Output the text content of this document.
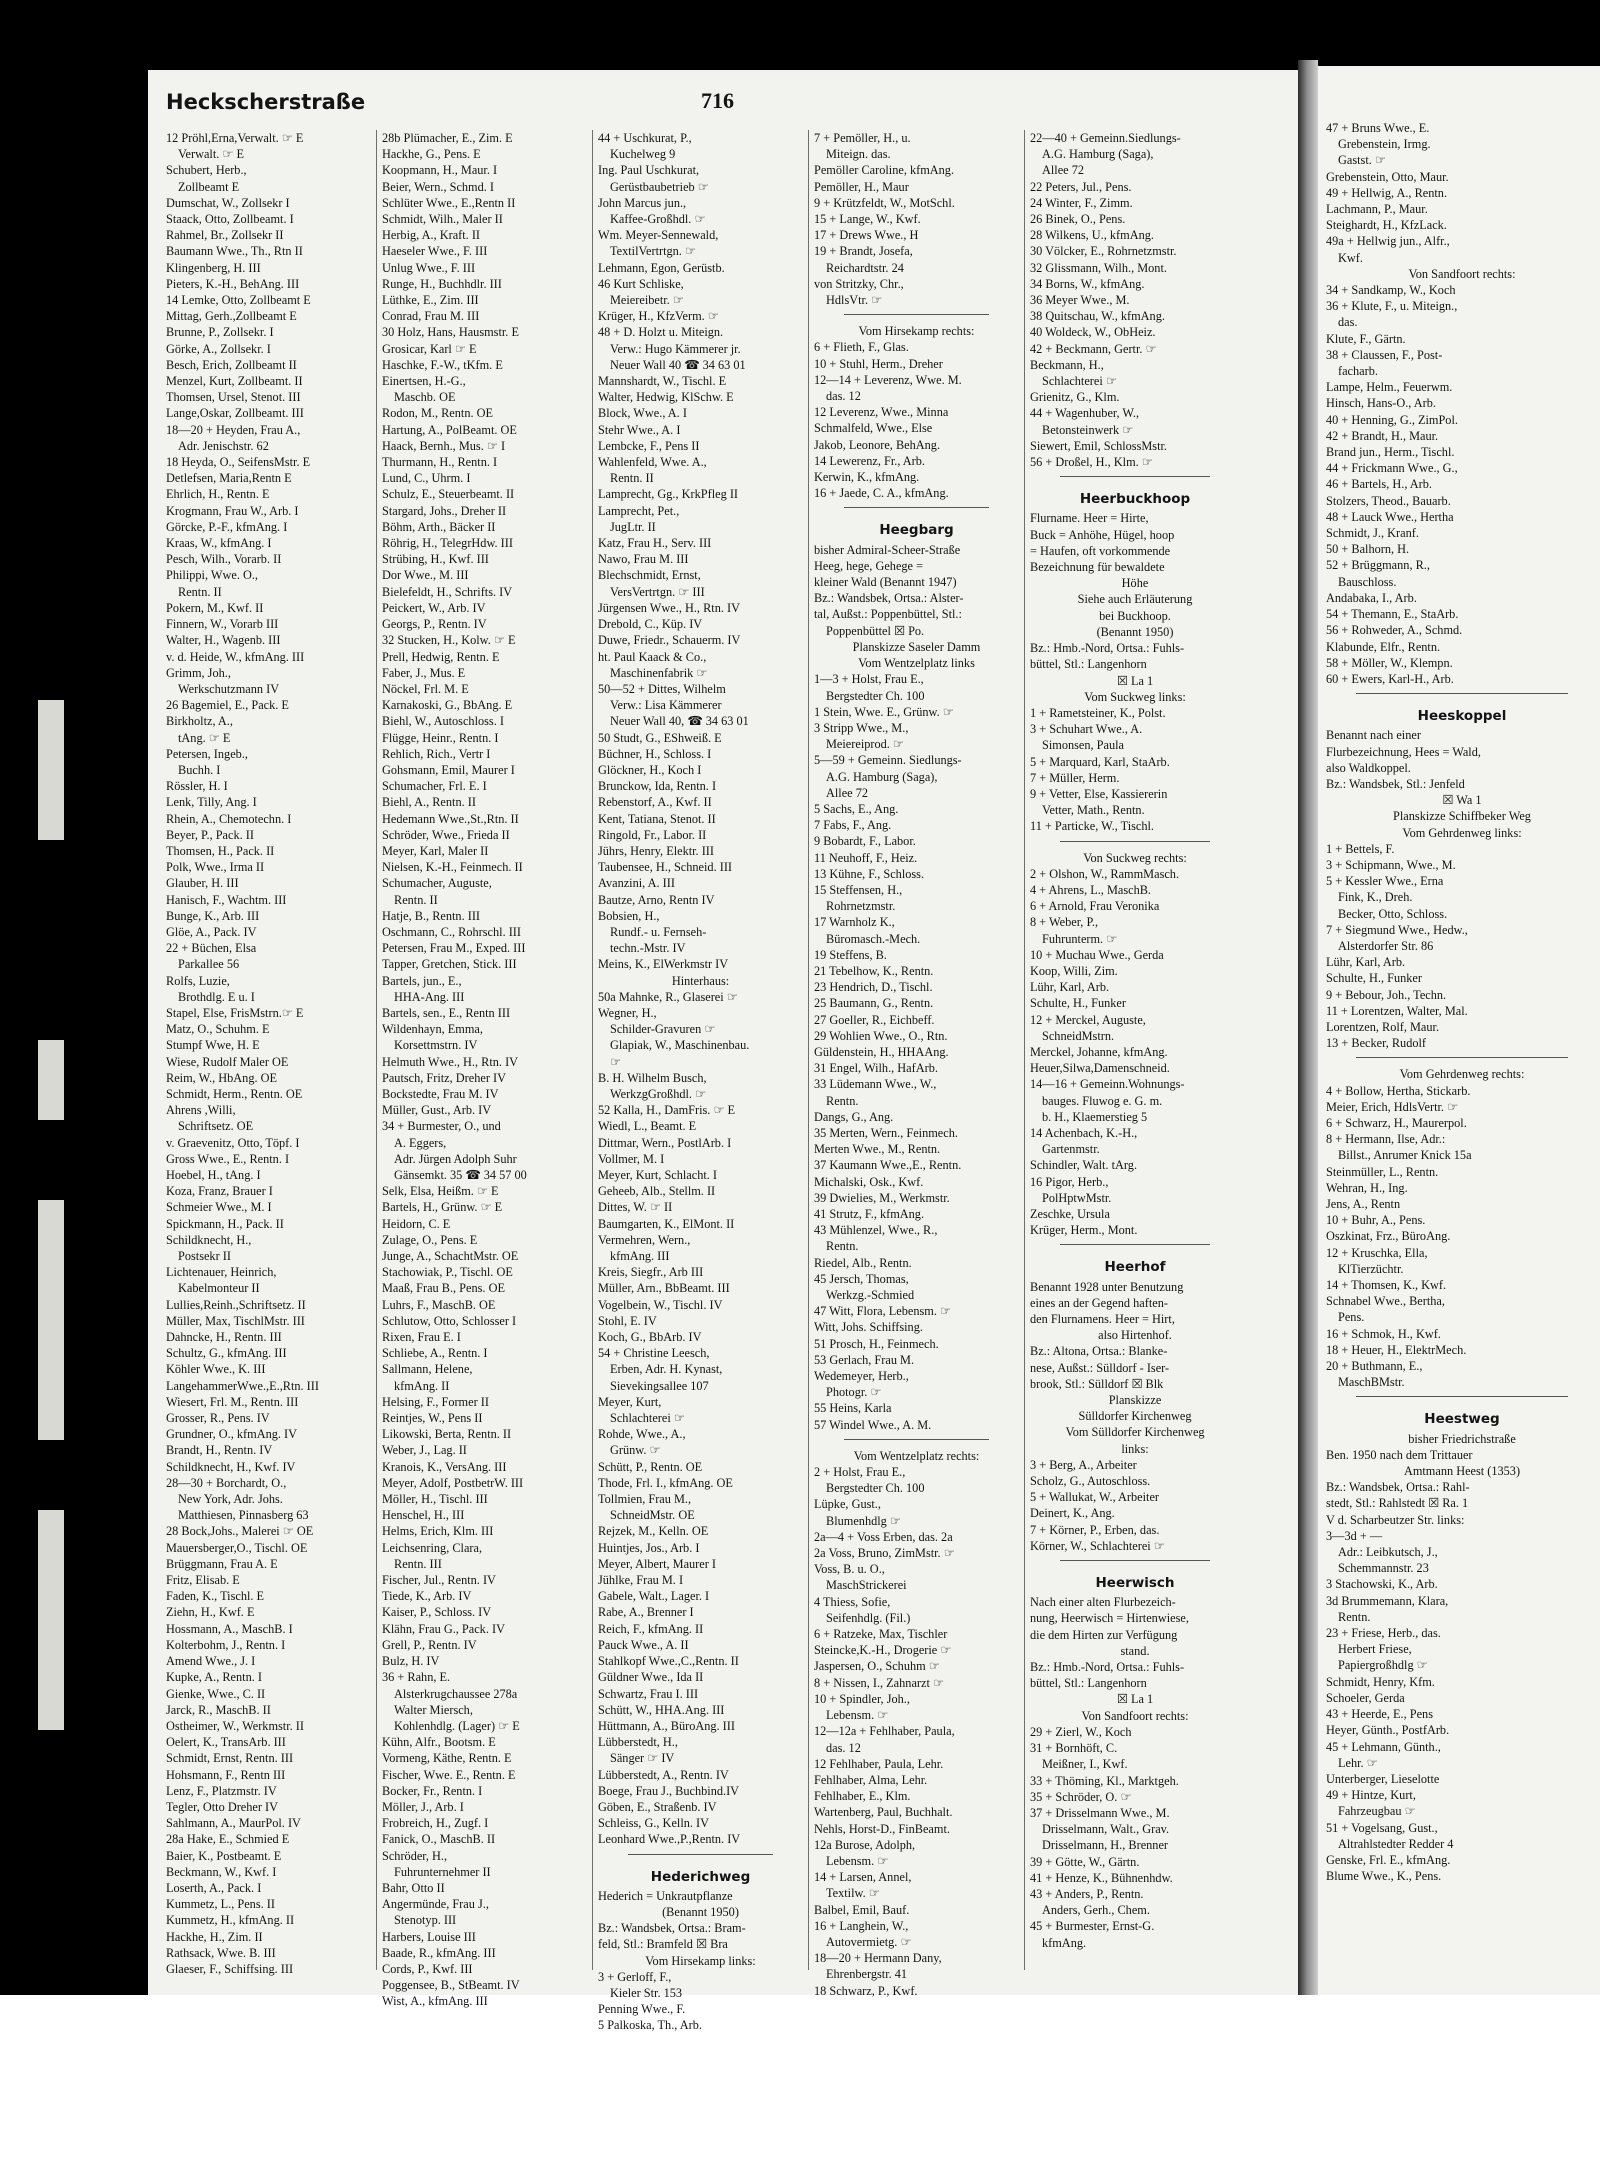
Heckscherstraße	716
12 Pröhl,Erna,Verwalt. ☞ E
Verwalt. ☞ E
Schubert, Herb.,
Zollbeamt E
Dumschat, W., Zollsekr I
Staack, Otto, Zollbeamt. I
Rahmel, Br., Zollsekr II
Baumann Wwe., Th., Rtn II
Klingenberg, H. III
Pieters, K.-H., BehAng. III
14 Lemke, Otto, Zollbeamt E
Mittag, Gerh.,Zollbeamt E
Brunne, P., Zollsekr. I
Görke, A., Zollsekr. I
Besch, Erich, Zollbeamt II
Menzel, Kurt, Zollbeamt. II
Thomsen, Ursel, Stenot. III
Lange,Oskar, Zollbeamt. III
18—20 + Heyden, Frau A.,
Adr. Jenischstr. 62
18 Heyda, O., SeifensMstr. E
Detlefsen, Maria,Rentn E
Ehrlich, H., Rentn. E
Krogmann, Frau W., Arb. I
Görcke, P.-F., kfmAng. I
Kraas, W., kfmAng. I
Pesch, Wilh., Vorarb. II
Philippi, Wwe. O.,
Rentn. II
Pokern, M., Kwf. II
Finnern, W., Vorarb III
Walter, H., Wagenb. III
v. d. Heide, W., kfmAng. III
Grimm, Joh.,
Werkschutzmann IV
26 Bagemiel, E., Pack. E
Birkholtz, A.,
tAng. ☞ E
Petersen, Ingeb.,
Buchh. I
Rössler, H. I
Lenk, Tilly, Ang. I
Rhein, A., Chemotechn. I
Beyer, P., Pack. II
Thomsen, H., Pack. II
Polk, Wwe., Irma II
Glauber, H. III
Hanisch, F., Wachtm. III
Bunge, K., Arb. III
Glöe, A., Pack. IV
22 + Büchen, Elsa
Parkallee 56
Rolfs, Luzie,
Brothdlg. E u. I
Stapel, Else, FrisMstrn.☞ E
Matz, O., Schuhm. E
Stumpf Wwe, H. E
Wiese, Rudolf Maler OE
Reim, W., HbAng. OE
Schmidt, Herm., Rentn. OE
Ahrens ,Willi,
Schriftsetz. OE
v. Graevenitz, Otto, Töpf. I
Gross Wwe., E., Rentn. I
Hoebel, H., tAng. I
Koza, Franz, Brauer I
Schmeier Wwe., M. I
Spickmann, H., Pack. II
Schildknecht, H.,
Postsekr II
Lichtenauer, Heinrich,
Kabelmonteur II
Lullies,Reinh.,Schriftsetz. II
Müller, Max, TischlMstr. III
Dahncke, H., Rentn. III
Schultz, G., kfmAng. III
Köhler Wwe., K. III
LangehammerWwe.,E.,Rtn. III
Wiesert, Frl. M., Rentn. III
Grosser, R., Pens. IV
Grundner, O., kfmAng. IV
Brandt, H., Rentn. IV
Schildknecht, H., Kwf. IV
28—30 + Borchardt, O.,
New York, Adr. Johs.
Matthiesen, Pinnasberg 63
28 Bock,Johs., Malerei ☞ OE
Mauersberger,O., Tischl. OE
Brüggmann, Frau A. E
Fritz, Elisab. E
Faden, K., Tischl. E
Ziehn, H., Kwf. E
Hossmann, A., MaschB. I
Kolterbohm, J., Rentn. I
Amend Wwe., J. I
Kupke, A., Rentn. I
Gienke, Wwe., C. II
Jarck, R., MaschB. II
Ostheimer, W., Werkmstr. II
Oelert, K., TransArb. III
Schmidt, Ernst, Rentn. III
Hohsmann, F., Rentn III
Lenz, F., Platzmstr. IV
Tegler, Otto Dreher IV
Sahlmann, A., MaurPol. IV
28a Hake, E., Schmied E
Baier, K., Postbeamt. E
Beckmann, W., Kwf. I
Loserth, A., Pack. I
Kummetz, L., Pens. II
Kummetz, H., kfmAng. II
Hackhe, H., Zim. II
Rathsack, Wwe. B. III
Glaeser, F., Schiffsing. III
28b Plümacher, E., Zim. E
Hackhe, G., Pens. E
Koopmann, H., Maur. I
Beier, Wern., Schmd. I
Schlüter Wwe., E.,Rentn II
Schmidt, Wilh., Maler II
Herbig, A., Kraft. II
Haeseler Wwe., F. III
Unlug Wwe., F. III
Runge, H., Buchhdlr. III
Lüthke, E., Zim. III
Conrad, Frau M. III
30 Holz, Hans, Hausmstr. E
Grosicar, Karl ☞ E
Haschke, F.-W., tKfm. E
Einertsen, H.-G.,
Maschb. OE
Rodon, M., Rentn. OE
Hartung, A., PolBeamt. OE
Haack, Bernh., Mus. ☞ I
Thurmann, H., Rentn. I
Lund, C., Uhrm. I
Schulz, E., Steuerbeamt. II
Stargard, Johs., Dreher II
Böhm, Arth., Bäcker II
Röhrig, H., TelegrHdw. III
Strübing, H., Kwf. III
Dor Wwe., M. III
Bielefeldt, H., Schrifts. IV
Peickert, W., Arb. IV
Georgs, P., Rentn. IV
32 Stucken, H., Kolw. ☞ E
Prell, Hedwig, Rentn. E
Faber, J., Mus. E
Nöckel, Frl. M. E
Karnakoski, G., BbAng. E
Biehl, W., Autoschloss. I
Flügge, Heinr., Rentn. I
Rehlich, Rich., Vertr I
Gohsmann, Emil, Maurer I
Schumacher, Frl. E. I
Biehl, A., Rentn. II
Hedemann Wwe.,St.,Rtn. II
Schröder, Wwe., Frieda II
Meyer, Karl, Maler II
Nielsen, K.-H., Feinmech. II
Schumacher, Auguste,
Rentn. II
Hatje, B., Rentn. III
Oschmann, C., Rohrschl. III
Petersen, Frau M., Exped. III
Tapper, Gretchen, Stick. III
Bartels, jun., E.,
HHA-Ang. III
Bartels, sen., E., Rentn III
Wildenhayn, Emma,
Korsettmstrn. IV
Helmuth Wwe., H., Rtn. IV
Pautsch, Fritz, Dreher IV
Bockstedte, Frau M. IV
Müller, Gust., Arb. IV
34 + Burmester, O., und
A. Eggers,
Adr. Jürgen Adolph Suhr
Gänsemkt. 35 ☎ 34 57 00
Selk, Elsa, Heißm. ☞ E
Bartels, H., Grünw. ☞ E
Heidorn, C. E
Zulage, O., Pens. E
Junge, A., SchachtMstr. OE
Stachowiak, P., Tischl. OE
Maaß, Frau B., Pens. OE
Luhrs, F., MaschB. OE
Schlutow, Otto, Schlosser I
Rixen, Frau E. I
Schliebe, A., Rentn. I
Sallmann, Helene,
kfmAng. II
Helsing, F., Former II
Reintjes, W., Pens II
Likowski, Berta, Rentn. II
Weber, J., Lag. II
Kranois, K., VersAng. III
Meyer, Adolf, PostbetrW. III
Möller, H., Tischl. III
Henschel, H., III
Helms, Erich, Klm. III
Leichsenring, Clara,
Rentn. III
Fischer, Jul., Rentn. IV
Tiede, K., Arb. IV
Kaiser, P., Schloss. IV
Klähn, Frau G., Pack. IV
Grell, P., Rentn. IV
Bulz, H. IV
36 + Rahn, E.
Alsterkrugchaussee 278a
Walter Miersch,
Kohlenhdlg. (Lager) ☞ E
Kühn, Alfr., Bootsm. E
Vormeng, Käthe, Rentn. E
Fischer, Wwe. E., Rentn. E
Bocker, Fr., Rentn. I
Möller, J., Arb. I
Frobreich, H., Zugf. I
Fanick, O., MaschB. II
Schröder, H.,
Fuhrunternehmer II
Bahr, Otto II
Angermünde, Frau J.,
Stenotyp. III
Harbers, Louise III
Baade, R., kfmAng. III
Cords, P., Kwf. III
Poggensee, B., StBeamt. IV
Wist, A., kfmAng. III
44 + Uschkurat, P.,
Kuchelweg 9
Ing. Paul Uschkurat,
Gerüstbaubetrieb ☞
John Marcus jun.,
Kaffee-Großhdl. ☞
Wm. Meyer-Sennewald,
TextilVertrtgn. ☞
Lehmann, Egon, Gerüstb.
46 Kurt Schliske,
Meiereibetr. ☞
Krüger, H., KfzVerm. ☞
48 + D. Holzt u. Miteign.
Verw.: Hugo Kämmerer jr.
Neuer Wall 40 ☎ 34 63 01
Mannshardt, W., Tischl. E
Walter, Hedwig, KlSchw. E
Block, Wwe., A. I
Stehr Wwe., A. I
Lembcke, F., Pens II
Wahlenfeld, Wwe. A.,
Rentn. II
Lamprecht, Gg., KrkPfleg II
Lamprecht, Pet.,
JugLtr. II
Katz, Frau H., Serv. III
Nawo, Frau M. III
Blechschmidt, Ernst,
VersVertrtgn. ☞ III
Jürgensen Wwe., H., Rtn. IV
Drebold, C., Küp. IV
Duwe, Friedr., Schauerm. IV
ht. Paul Kaack & Co.,
Maschinenfabrik ☞
50—52 + Dittes, Wilhelm
Verw.: Lisa Kämmerer
Neuer Wall 40, ☎ 34 63 01
50 Studt, G., EShweiß. E
Büchner, H., Schloss. I
Glöckner, H., Koch I
Brunckow, Ida, Rentn. I
Rebenstorf, A., Kwf. II
Kent, Tatiana, Stenot. II
Ringold, Fr., Labor. II
Jührs, Henry, Elektr. III
Taubensee, H., Schneid. III
Avanzini, A. III
Bautze, Arno, Rentn IV
Bobsien, H.,
Rundf.- u. Fernseh-
techn.-Mstr. IV
Meins, K., ElWerkmstr IV
Hinterhaus:
50a Mahnke, R., Glaserei ☞
Wegner, H.,
Schilder-Gravuren ☞
Glapiak, W., Maschinenbau.
☞
B. H. Wilhelm Busch,
WerkzgGroßhdl. ☞
52 Kalla, H., DamFris. ☞ E
Wiedl, L., Beamt. E
Dittmar, Wern., PostlArb. I
Vollmer, M. I
Meyer, Kurt, Schlacht. I
Geheeb, Alb., Stellm. II
Dittes, W. ☞ II
Baumgarten, K., ElMont. II
Vermehren, Wern.,
kfmAng. III
Kreis, Siegfr., Arb III
Müller, Arn., BbBeamt. III
Vogelbein, W., Tischl. IV
Stohl, E. IV
Koch, G., BbArb. IV
54 + Christine Leesch,
Erben, Adr. H. Kynast,
Sievekingsallee 107
Meyer, Kurt,
Schlachterei ☞
Rohde, Wwe., A.,
Grünw. ☞
Schütt, P., Rentn. OE
Thode, Frl. I., kfmAng. OE
Tollmien, Frau M.,
SchneidMstr. OE
Rejzek, M., Kelln. OE
Huintjes, Jos., Arb. I
Meyer, Albert, Maurer I
Jühlke, Frau M. I
Gabele, Walt., Lager. I
Rabe, A., Brenner I
Reich, F., kfmAng. II
Pauck Wwe., A. II
Stahlkopf Wwe.,C.,Rentn. II
Güldner Wwe., Ida II
Schwartz, Frau I. III
Schütt, W., HHA.Ang. III
Hüttmann, A., BüroAng. III
Lübberstedt, H.,
Sänger ☞ IV
Lübberstedt, A., Rentn. IV
Boege, Frau J., Buchbind.IV
Göben, E., Straßenb. IV
Schleiss, G., Kelln. IV
Leonhard Wwe.,P.,Rentn. IV
Hederichweg
Hederich = Unkrautpflanze
(Benannt 1950)
Bz.: Wandsbek, Ortsa.: Bram-
feld, Stl.: Bramfeld ☒ Bra
Vom Hirsekamp links:
3 + Gerloff, F.,
Kieler Str. 153
Penning Wwe., F.
5 Palkoska, Th., Arb.
7 + Pemöller, H., u.
Miteign. das.
Pemöller Caroline, kfmAng.
Pemöller, H., Maur
9 + Krützfeldt, W., MotSchl.
15 + Lange, W., Kwf.
17 + Drews Wwe., H
19 + Brandt, Josefa,
Reichardtstr. 24
von Stritzky, Chr.,
HdlsVtr. ☞
Vom Hirsekamp rechts:
6 + Flieth, F., Glas.
10 + Stuhl, Herm., Dreher
12—14 + Leverenz, Wwe. M.
das. 12
12 Leverenz, Wwe., Minna
Schmalfeld, Wwe., Else
Jakob, Leonore, BehAng.
14 Lewerenz, Fr., Arb.
Kerwin, K., kfmAng.
16 + Jaede, C. A., kfmAng.
Heegbarg
bisher Admiral-Scheer-Straße
Heeg, hege, Gehege =
kleiner Wald (Benannt 1947)
Bz.: Wandsbek, Ortsa.: Alster-
tal, Außst.: Poppenbüttel, Stl.:
Poppenbüttel ☒ Po.
Planskizze Saseler Damm
Vom Wentzelplatz links
1—3 + Holst, Frau E.,
Bergstedter Ch. 100
1 Stein, Wwe. E., Grünw. ☞
3 Stripp Wwe., M.,
Meiereiprod. ☞
5—59 + Gemeinn. Siedlungs-
A.G. Hamburg (Saga),
Allee 72
5 Sachs, E., Ang.
7 Fabs, F., Ang.
9 Bobardt, F., Labor.
11 Neuhoff, F., Heiz.
13 Kühne, F., Schloss.
15 Steffensen, H.,
Rohrnetzmstr.
17 Warnholz K.,
Büromasch.-Mech.
19 Steffens, B.
21 Tebelhow, K., Rentn.
23 Hendrich, D., Tischl.
25 Baumann, G., Rentn.
27 Goeller, R., Eichbeff.
29 Wohlien Wwe., O., Rtn.
Güldenstein, H., HHAAng.
31 Engel, Wilh., HafArb.
33 Lüdemann Wwe., W.,
Rentn.
Dangs, G., Ang.
35 Merten, Wern., Feinmech.
Merten Wwe., M., Rentn.
37 Kaumann Wwe.,E., Rentn.
Michalski, Osk., Kwf.
39 Dwielies, M., Werkmstr.
41 Strutz, F., kfmAng.
43 Mühlenzel, Wwe., R.,
Rentn.
Riedel, Alb., Rentn.
45 Jersch, Thomas,
Werkzg.-Schmied
47 Witt, Flora, Lebensm. ☞
Witt, Johs. Schiffsing.
51 Prosch, H., Feinmech.
53 Gerlach, Frau M.
Wedemeyer, Herb.,
Photogr. ☞
55 Heins, Karla
57 Windel Wwe., A. M.
Vom Wentzelplatz rechts:
2 + Holst, Frau E.,
Bergstedter Ch. 100
Lüpke, Gust.,
Blumenhdlg ☞
2a—4 + Voss Erben, das. 2a
2a Voss, Bruno, ZimMstr. ☞
Voss, B. u. O.,
MaschStrickerei
4 Thiess, Sofie,
Seifenhdlg. (Fil.)
6 + Ratzeke, Max, Tischler
Steincke,K.-H., Drogerie ☞
Jaspersen, O., Schuhm ☞
8 + Nissen, I., Zahnarzt ☞
10 + Spindler, Joh.,
Lebensm. ☞
12—12a + Fehlhaber, Paula,
das. 12
12 Fehlhaber, Paula, Lehr.
Fehlhaber, Alma, Lehr.
Fehlhaber, E., Klm.
Wartenberg, Paul, Buchhalt.
Nehls, Horst-D., FinBeamt.
12a Burose, Adolph,
Lebensm. ☞
14 + Larsen, Annel,
Textilw. ☞
Balbel, Emil, Bauf.
16 + Langhein, W.,
Autovermietg. ☞
18—20 + Hermann Dany,
Ehrenbergstr. 41
18 Schwarz, P., Kwf.
22—40 + Gemeinn.Siedlungs-
A.G. Hamburg (Saga),
Allee 72
22 Peters, Jul., Pens.
24 Winter, F., Zimm.
26 Binek, O., Pens.
28 Wilkens, U., kfmAng.
30 Völcker, E., Rohrnetzmstr.
32 Glissmann, Wilh., Mont.
34 Borns, W., kfmAng.
36 Meyer Wwe., M.
38 Quitschau, W., kfmAng.
40 Woldeck, W., ObHeiz.
42 + Beckmann, Gertr. ☞
Beckmann, H.,
Schlachterei ☞
Grienitz, G., Klm.
44 + Wagenhuber, W.,
Betonsteinwerk ☞
Siewert, Emil, SchlossMstr.
56 + Droßel, H., Klm. ☞
Heerbuckhoop
Flurname. Heer = Hirte,
Buck = Anhöhe, Hügel, hoop
= Haufen, oft vorkommende
Bezeichnung für bewaldete
Höhe
Siehe auch Erläuterung
bei Buckhoop.
(Benannt 1950)
Bz.: Hmb.-Nord, Ortsa.: Fuhls-
büttel, Stl.: Langenhorn
☒ La 1
Vom Suckweg links:
1 + Rametsteiner, K., Polst.
3 + Schuhart Wwe., A.
Simonsen, Paula
5 + Marquard, Karl, StaArb.
7 + Müller, Herm.
9 + Vetter, Else, Kassiererin
Vetter, Math., Rentn.
11 + Particke, W., Tischl.
Von Suckweg rechts:
2 + Olshon, W., RammMasch.
4 + Ahrens, L., MaschB.
6 + Arnold, Frau Veronika
8 + Weber, P.,
Fuhrunterm. ☞
10 + Muchau Wwe., Gerda
Koop, Willi, Zim.
Lühr, Karl, Arb.
Schulte, H., Funker
12 + Merckel, Auguste,
SchneidMstrn.
Merckel, Johanne, kfmAng.
Heuer,Silwa,Damenschneid.
14—16 + Gemeinn.Wohnungs-
bauges. Fluwog e. G. m.
b. H., Klaemerstieg 5
14 Achenbach, K.-H.,
Gartenmstr.
Schindler, Walt. tArg.
16 Pigor, Herb.,
PolHptwMstr.
Zeschke, Ursula
Krüger, Herm., Mont.
Heerhof
Benannt 1928 unter Benutzung
eines an der Gegend haften-
den Flurnamens. Heer = Hirt,
also Hirtenhof.
Bz.: Altona, Ortsa.: Blanke-
nese, Außst.: Sülldorf - Iser-
brook, Stl.: Sülldorf ☒ Blk
Planskizze
Sülldorfer Kirchenweg
Vom Sülldorfer Kirchenweg
links:
3 + Berg, A., Arbeiter
Scholz, G., Autoschloss.
5 + Wallukat, W., Arbeiter
Deinert, K., Ang.
7 + Körner, P., Erben, das.
Körner, W., Schlachterei ☞
Heerwisch
Nach einer alten Flurbezeich-
nung, Heerwisch = Hirtenwiese,
die dem Hirten zur Verfügung
stand.
Bz.: Hmb.-Nord, Ortsa.: Fuhls-
büttel, Stl.: Langenhorn
☒ La 1
Von Sandfoort rechts:
29 + Zierl, W., Koch
31 + Bornhöft, C.
Meißner, I., Kwf.
33 + Thöming, Kl., Marktgeh.
35 + Schröder, O. ☞
37 + Drisselmann Wwe., M.
Drisselmann, Walt., Grav.
Drisselmann, H., Brenner
39 + Götte, W., Gärtn.
41 + Henze, K., Bühnenhdw.
43 + Anders, P., Rentn.
Anders, Gerh., Chem.
45 + Burmester, Ernst-G.
kfmAng.
47 + Bruns Wwe., E.
Grebenstein, Irmg.
Gastst. ☞
Grebenstein, Otto, Maur.
49 + Hellwig, A., Rentn.
Lachmann, P., Maur.
Steighardt, H., KfzLack.
49a + Hellwig jun., Alfr.,
Kwf.
Von Sandfoort rechts:
34 + Sandkamp, W., Koch
36 + Klute, F., u. Miteign.,
das.
Klute, F., Gärtn.
38 + Claussen, F., Post-
facharb.
Lampe, Helm., Feuerwm.
Hinsch, Hans-O., Arb.
40 + Henning, G., ZimPol.
42 + Brandt, H., Maur.
Brand jun., Herm., Tischl.
44 + Frickmann Wwe., G.,
46 + Bartels, H., Arb.
Stolzers, Theod., Bauarb.
48 + Lauck Wwe., Hertha
Schmidt, J., Kranf.
50 + Balhorn, H.
52 + Brüggmann, R.,
Bauschloss.
Andabaka, I., Arb.
54 + Themann, E., StaArb.
56 + Rohweder, A., Schmd.
Klabunde, Elfr., Rentn.
58 + Möller, W., Klempn.
60 + Ewers, Karl-H., Arb.
Heeskoppel
Benannt nach einer
Flurbezeichnung, Hees = Wald,
also Waldkoppel.
Bz.: Wandsbek, Stl.: Jenfeld
☒ Wa 1
Planskizze Schiffbeker Weg
Vom Gehrdenweg links:
1 + Bettels, F.
3 + Schipmann, Wwe., M.
5 + Kessler Wwe., Erna
Fink, K., Dreh.
Becker, Otto, Schloss.
7 + Siegmund Wwe., Hedw.,
Alsterdorfer Str. 86
Lühr, Karl, Arb.
Schulte, H., Funker
9 + Bebour, Joh., Techn.
11 + Lorentzen, Walter, Mal.
Lorentzen, Rolf, Maur.
13 + Becker, Rudolf
Vom Gehrdenweg rechts:
4 + Bollow, Hertha, Stickarb.
Meier, Erich, HdlsVertr. ☞
6 + Schwarz, H., Maurerpol.
8 + Hermann, Ilse, Adr.:
Billst., Anrumer Knick 15a
Steinmüller, L., Rentn.
Wehran, H., Ing.
Jens, A., Rentn
10 + Buhr, A., Pens.
Oszkinat, Frz., BüroAng.
12 + Kruschka, Ella,
KlTierzüchtr.
14 + Thomsen, K., Kwf.
Schnabel Wwe., Bertha,
Pens.
16 + Schmok, H., Kwf.
18 + Heuer, H., ElektrMech.
20 + Buthmann, E.,
MaschBMstr.
Heestweg
bisher Friedrichstraße
Ben. 1950 nach dem Trittauer
Amtmann Heest (1353)
Bz.: Wandsbek, Ortsa.: Rahl-
stedt, Stl.: Rahlstedt ☒ Ra. 1
V d. Scharbeutzer Str. links:
3—3d + —
Adr.: Leibkutsch, J.,
Schemmannstr. 23
3 Stachowski, K., Arb.
3d Brummemann, Klara,
Rentn.
23 + Friese, Herb., das.
Herbert Friese,
Papiergroßhdlg ☞
Schmidt, Henry, Kfm.
Schoeler, Gerda
43 + Heerde, E., Pens
Heyer, Günth., PostfArb.
45 + Lehmann, Günth.,
Lehr. ☞
Unterberger, Lieselotte
49 + Hintze, Kurt,
Fahrzeugbau ☞
51 + Vogelsang, Gust.,
Altrahlstedter Redder 4
Genske, Frl. E., kfmAng.
Blume Wwe., K., Pens.
